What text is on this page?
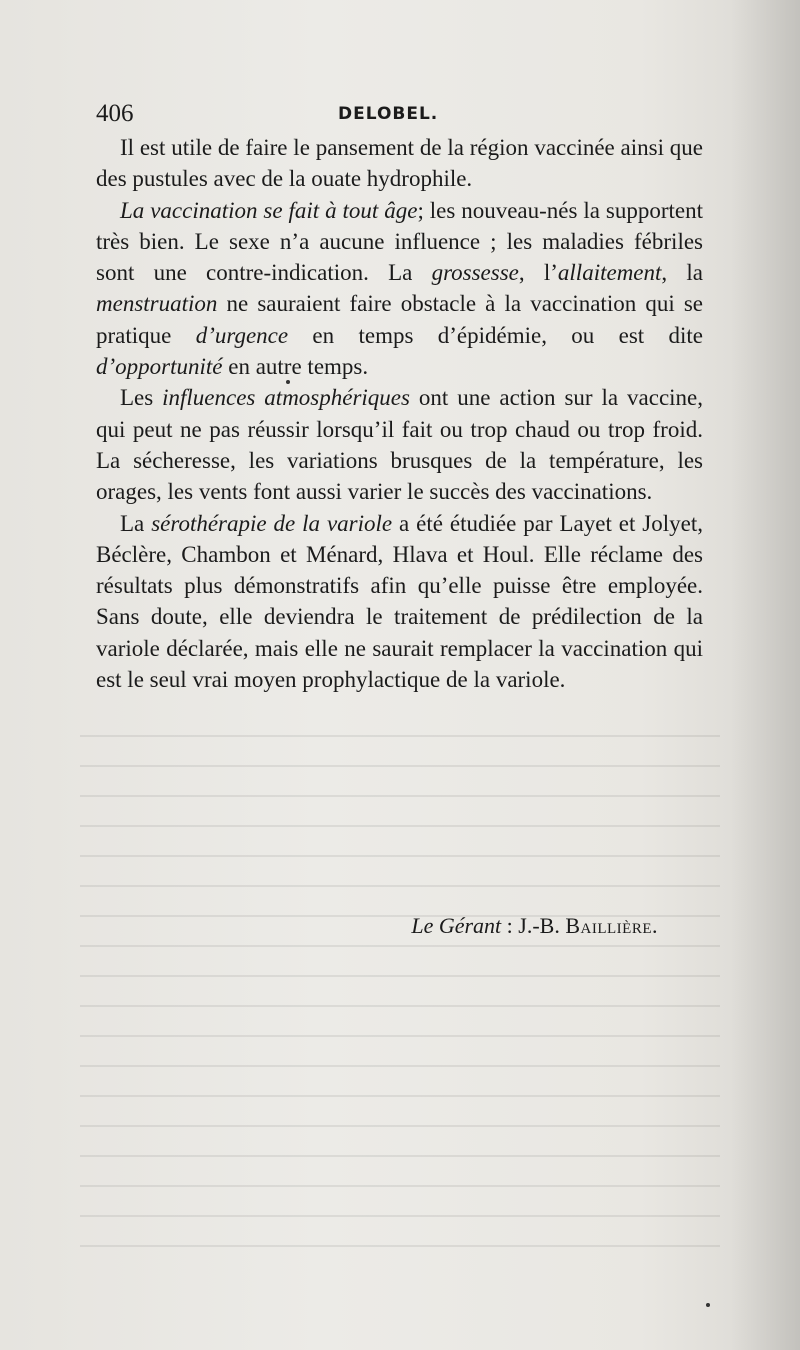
406	DELOBEL.

Il est utile de faire le pansement de la région vaccinée ainsi que des pustules avec de la ouate hydrophile.

La vaccination se fait à tout âge; les nouveau-nés la supportent très bien. Le sexe n’a aucune influence ; les maladies fébriles sont une contre-indication. La grossesse, l’allaitement, la menstruation ne sauraient faire obstacle à la vaccination qui se pratique d’urgence en temps d’épidémie, ou est dite d’opportunité en autre temps.

Les influences atmosphériques ont une action sur la vaccine, qui peut ne pas réussir lorsqu’il fait ou trop chaud ou trop froid. La sécheresse, les variations brusques de la température, les orages, les vents font aussi varier le succès des vaccinations.

La sérothérapie de la variole a été étudiée par Layet et Jolyet, Béclère, Chambon et Ménard, Hlava et Houl. Elle réclame des résultats plus démonstratifs afin qu’elle puisse être employée. Sans doute, elle deviendra le traitement de prédilection de la variole déclarée, mais elle ne saurait remplacer la vaccination qui est le seul vrai moyen prophylactique de la variole.

Le Gérant : J.-B. Baillière.
